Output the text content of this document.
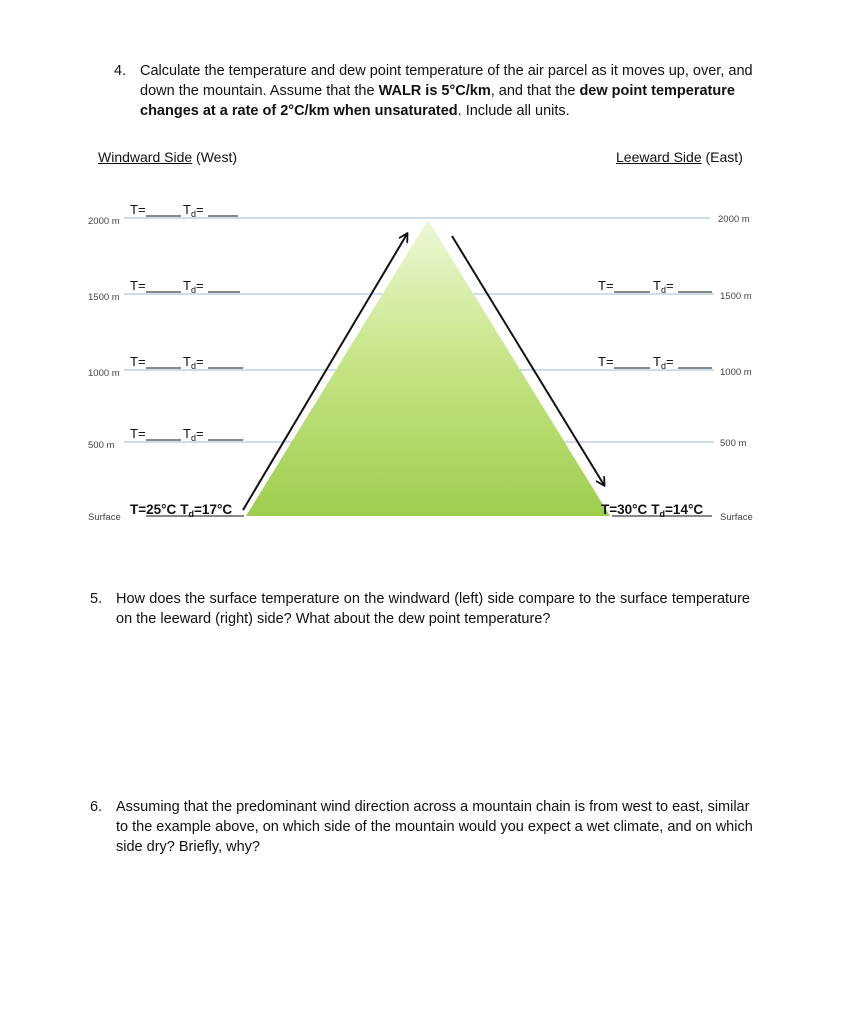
4. Calculate the temperature and dew point temperature of the air parcel as it moves up, over, and down the mountain. Assume that the WALR is 5°C/km, and that the dew point temperature changes at a rate of 2°C/km when unsaturated. Include all units.
Windward Side (West)	Leeward Side (East)
2000 m
1500 m
1000 m
500 m
Surface
2000 m
1500 m
1000 m
500 m
Surface
T=	$T_d=$
T=	$T_d=$
T=	$T_d=$
T=	$T_d=$
T=	$T_d=$
T=	$T_d=$
T=25°C $T_d=17^\circ C$	T=30°C $T_d=14^\circ C$
5. How does the surface temperature on the windward (left) side compare to the surface temperature on the leeward (right) side? What about the dew point temperature?
6. Assuming that the predominant wind direction across a mountain chain is from west to east, similar to the example above, on which side of the mountain would you expect a wet climate, and on which side dry? Briefly, why?
